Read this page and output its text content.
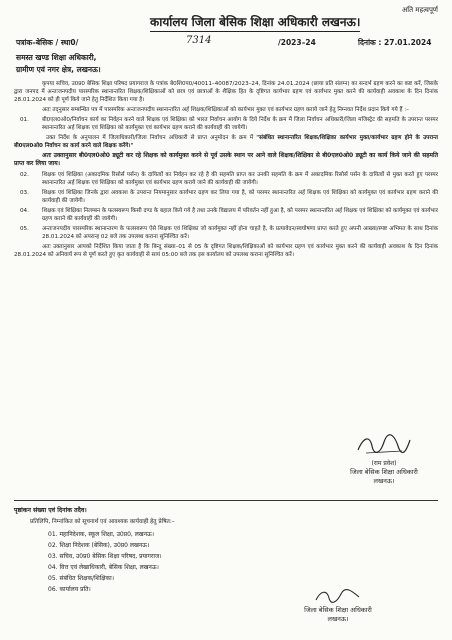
अति महत्वपूर्ण
कार्यालय जिला बेसिक शिक्षा अधिकारी लखनऊ।
पत्रांक–बेसिक / स्था0/	7314	/2023–24	दिनांक : 27.01.2024
समस्त खण्ड शिक्षा अधिकारी,
ग्रामीण एवं नगर क्षेत्र, लखनऊ।

कृपया सचिव, उ0प्र0 बेसिक शिक्षा परिषद प्रयागराज के पत्रांक बे0शि0प0/40011–40087/2023–24, दिनांक 24.01.2024 (छाया प्रति संलग्न) का सन्दर्भ ग्रहण करने का कष्ट करें, जिसके द्वारा जनपद में अन्तःजनपदीय पारस्परिक स्थानान्तरित शिक्षक/शिक्षिकाओं को छात्र एवं छात्राओं के शैक्षिक हित के दृष्टिगत कार्यभार ग्रहण एवं कार्यभार मुक्त करने की कार्यवाही अवकाश के दिन दिनांक 28.01.2024 को ही पूर्ण किये जाने हेतु निर्देशित किया गया है।

अतः तद्नुसार सम्बन्धित पत्र में पारस्परिक अन्तःजनपदीय स्थानान्तरित अर्ह शिक्षक/शिक्षिकाओं को कार्यभार मुक्त एवं कार्यभार ग्रहण कराये जाने हेतु निम्नवत निर्देश प्रदान किये गये हैं :–

01.	बी0एल0ओ0/निर्वाचन कार्य का निर्वहन करने वाले शिक्षक एवं शिक्षिका को भारत निर्वाचन आयोग के दिये निर्देश के क्रम में जिला निर्वाचन अधिकारी/जिला मजिस्ट्रेट की सहमति के उपरान्त परस्पर स्थानान्तरित अर्ह शिक्षक एवं शिक्षिका को कार्यमुक्त एवं कार्यभार ग्रहण कराने की कार्यवाही की जायेगी।

उक्त निर्देश के अनुपालन में जिलाधिकारी/जिला निर्वाचन अधिकारी से प्राप्त अनुमोदन के क्रम में "संबंधित स्थानान्तरित शिक्षक/शिक्षिका कार्यभार मुक्त/कार्यभार ग्रहण होने के उपरान्त बी0एल0ओ0 निर्वाचन का कार्य करने वाले शिक्षक करेंगे।"

अतः उक्तानुसार बी0एल0ओ0 ड्यूटी कर रहे शिक्षक को कार्यमुक्त करने से पूर्व उसके स्थान पर आने वाले शिक्षक/शिक्षिका से बी0एल0ओ0 ड्यूटी का कार्य किये जाने की सहमति प्राप्त कर लिया जाय।

02.	शिक्षक एवं शिक्षिका (अकादमिक रिसोर्स पर्सन) के दायित्वों का निर्वहन कर रहे है की सहमति प्राप्त कर उनकी सहमति के क्रम में अकादमिक रिसोर्स पर्सन के दायित्वों से मुक्त करते हुए परस्पर स्थानान्तरित अर्ह शिक्षक एवं शिक्षिका को कार्यमुक्त एवं कार्यभार ग्रहण कराये जाने की कार्यवाही की जायेगी।
03.	शिक्षक एवं शिक्षिका जिनके द्वारा अवकाश के उपरान्त नियमानुसार कार्यभार ग्रहण कर लिया गया है, को परस्पर स्थानान्तरित अर्ह शिक्षक एवं शिक्षिका को कार्यमुक्त एवं कार्यभार ग्रहण कराने की कार्यवाही की जायेगी।
04.	शिक्षक एवं शिक्षिका निलम्बन के फलस्वरूप किसी दण्ड के बहाल किये गये है तथा उनके विद्यालय में परिवर्तन नहीं हुआ है, को परस्पर स्थानान्तरित अर्ह शिक्षक एवं शिक्षिका को कार्यमुक्त एवं कार्यभार ग्रहण कराने की कार्यवाही की जायेगी।
05.	अन्तःजनपदीय पारस्परिक स्थानान्तरण के फलस्वरूप ऐसे शिक्षक एवं शिक्षिका जो कार्यमुक्त नहीं होना चाहते है, के प्रत्यावेदन/स्वघोषणा प्राप्त करते हुए अपनी आख्या/स्पष्ट अभिमत के साथ दिनांक 28.01.2024 को अपरान्ह 02 बजे तक उपलब्ध कराना सुनिश्चित करें।

अतः उक्तानुसार आपको निर्देशित किया जाता है कि बिन्दु संख्या–01 से 05 के दृष्टिगत शिक्षक/शिक्षिकाओं को कार्यभार ग्रहण एवं कार्यभार मुक्त करने की कार्यवाही अवकाश के दिन दिनांक 28.01.2024 को अनिवार्य रूप से पूर्ण करते हुए कृत कार्यवाही से सायं 05:00 बजे तक इस कार्यालय को उपलब्ध कराना सुनिश्चित करें।

(राम प्रवेश)
जिला बेसिक शिक्षा अधिकारी
लखनऊ।
पृष्ठांकन संख्या एवं दिनांक तदैव।
प्रतिलिपि, निम्नांकित को सूचनार्थ एवं आवश्यक कार्यवाही हेतु प्रेषित:–
01. महानिदेशक, स्कूल शिक्षा, उ0प्र0, लखनऊ।
02. शिक्षा निदेशक (बेसिक), उ0प्र0 लखनऊ।
03. सचिव, उ0प्र0 बेसिक शिक्षा परिषद, प्रयागराज।
04. वित्त एवं लेखाधिकारी, बेसिक शिक्षा, लखनऊ।
05. संबंधित शिक्षक/शिक्षिका।
06. कार्यालय प्रति।
जिला बेसिक शिक्षा अधिकारी
लखनऊ।
